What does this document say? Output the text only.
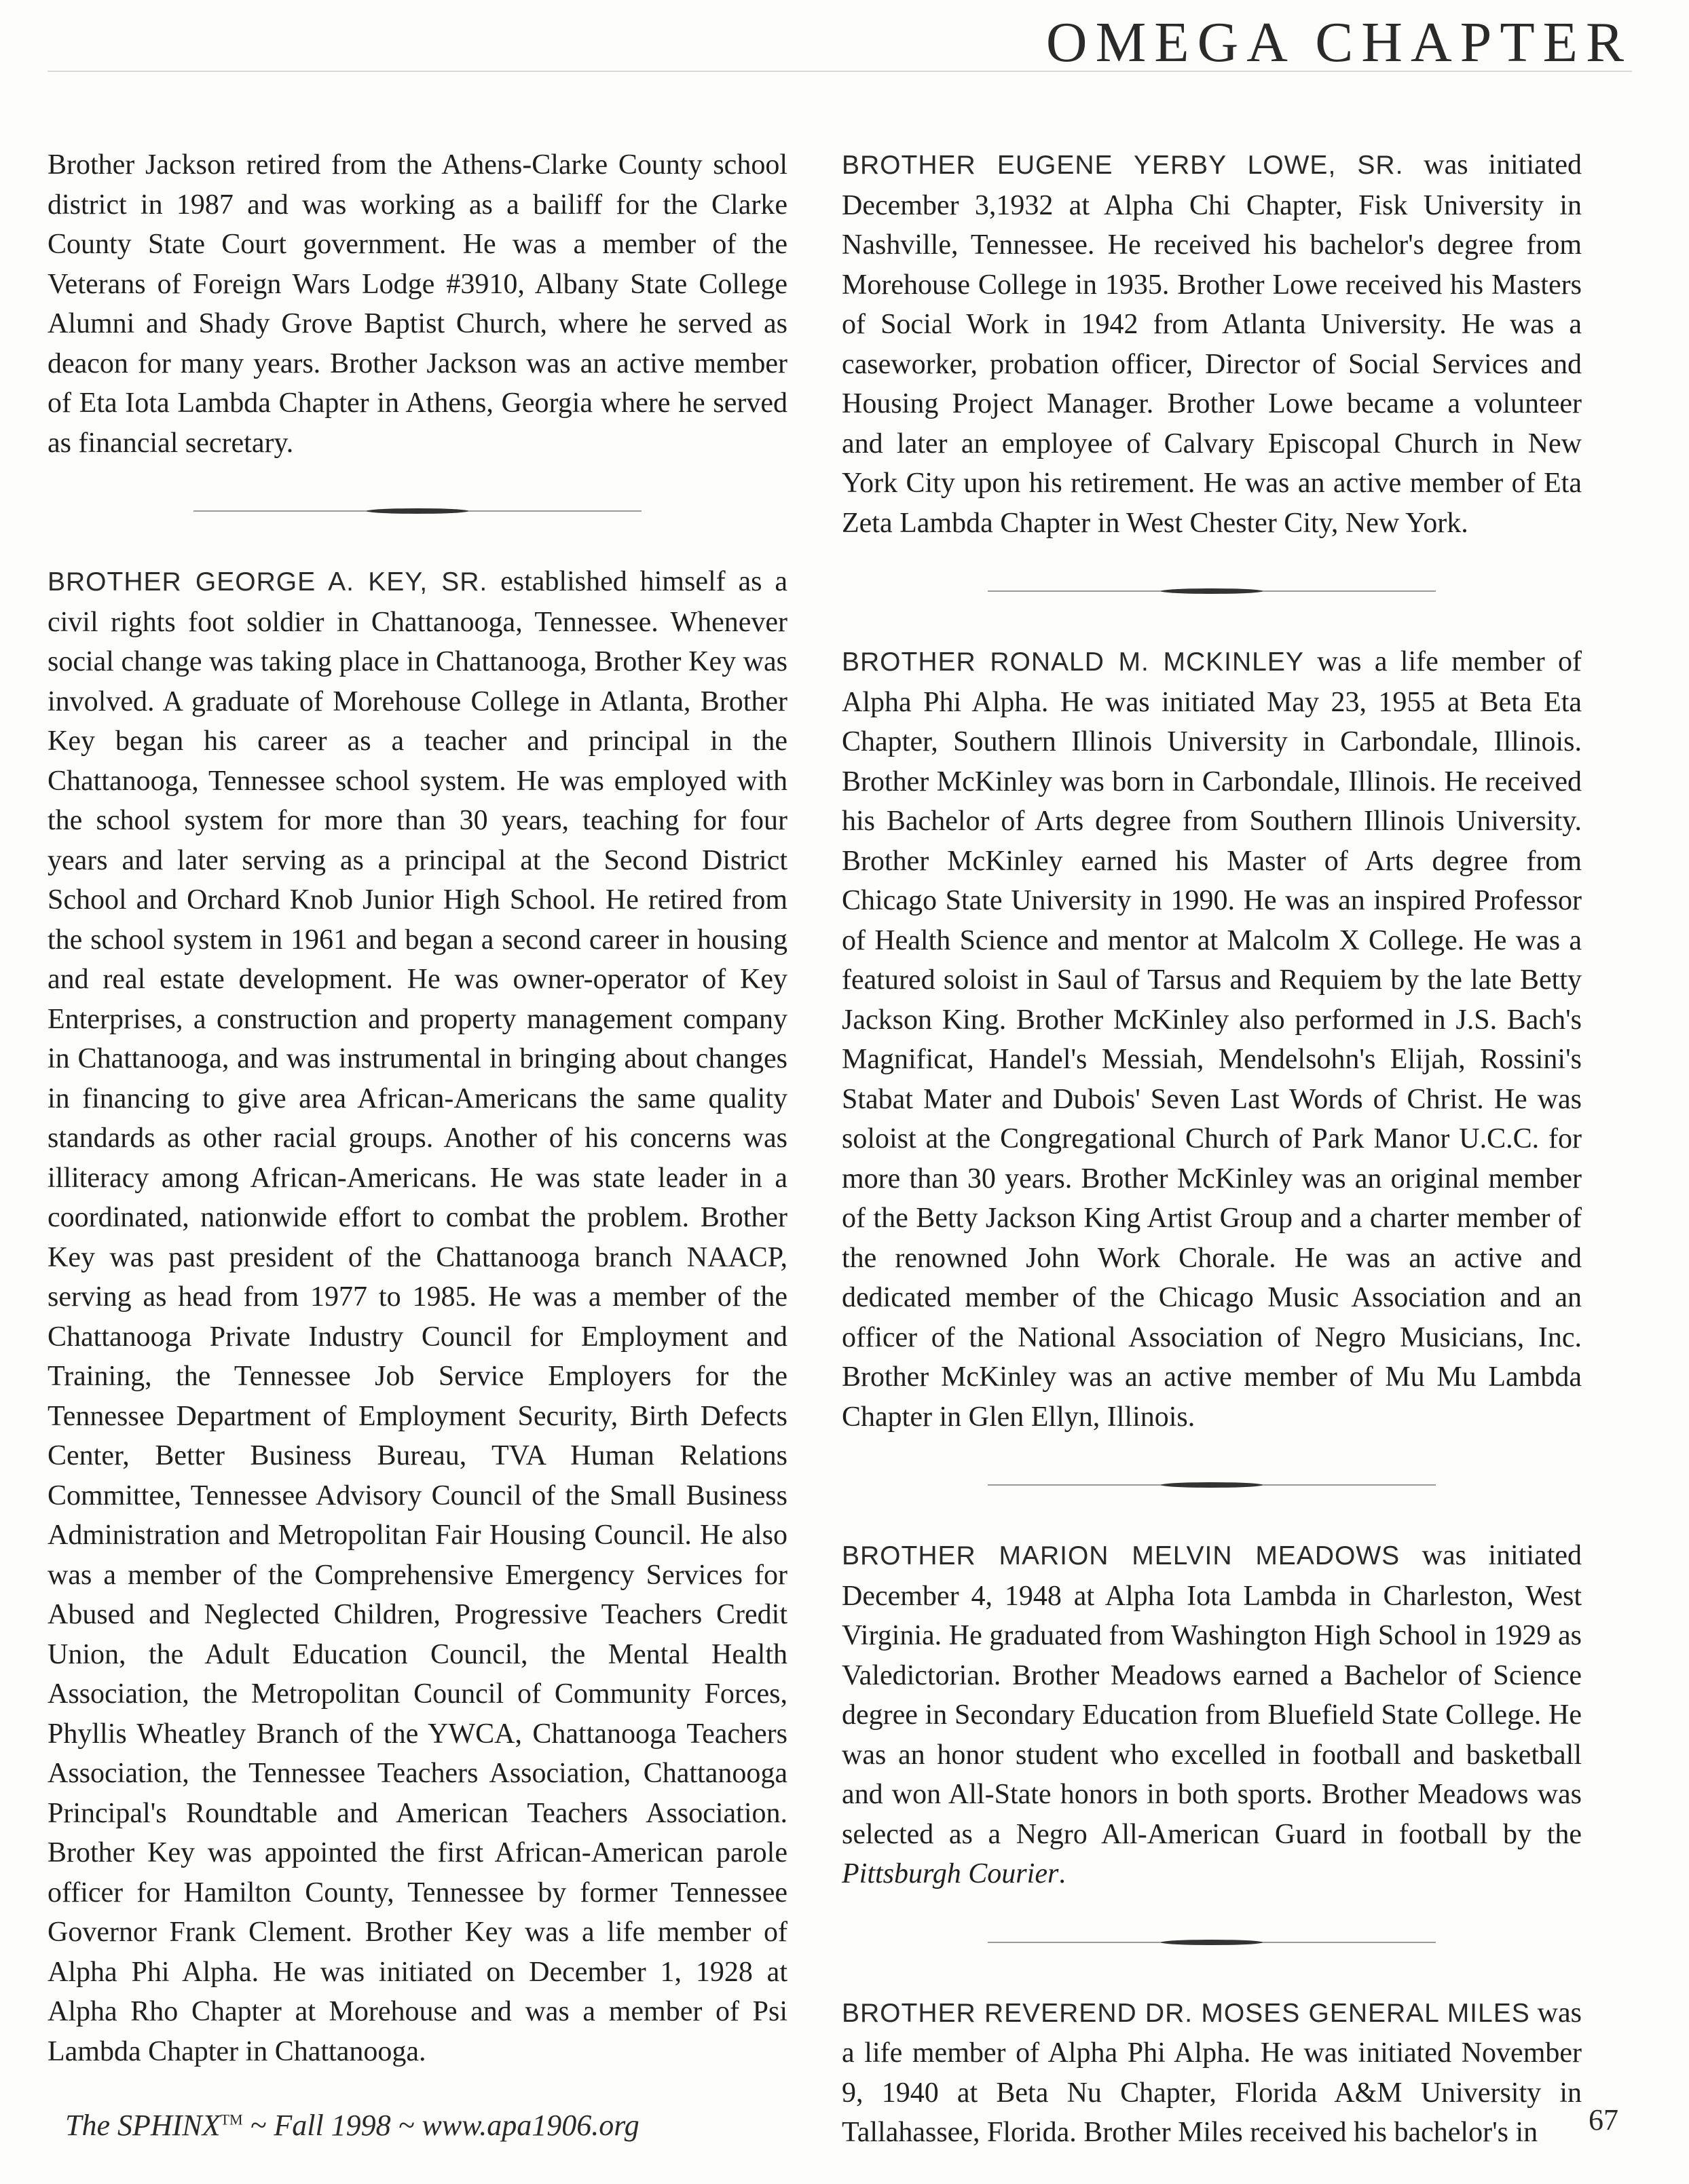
OMEGA CHAPTER

Brother Jackson retired from the Athens-Clarke County school district in 1987 and was working as a bailiff for the Clarke County State Court government. He was a member of the Veterans of Foreign Wars Lodge #3910, Albany State College Alumni and Shady Grove Baptist Church, where he served as deacon for many years. Brother Jackson was an active member of Eta Iota Lambda Chapter in Athens, Georgia where he served as financial secretary.

BROTHER GEORGE A. KEY, SR. established himself as a civil rights foot soldier in Chattanooga, Tennessee. Whenever social change was taking place in Chattanooga, Brother Key was involved. A graduate of Morehouse College in Atlanta, Brother Key began his career as a teacher and principal in the Chattanooga, Tennessee school system. He was employed with the school system for more than 30 years, teaching for four years and later serving as a principal at the Second District School and Orchard Knob Junior High School. He retired from the school system in 1961 and began a second career in housing and real estate development. He was owner-operator of Key Enterprises, a construction and property management company in Chattanooga, and was instrumental in bringing about changes in financing to give area African-Americans the same quality standards as other racial groups. Another of his concerns was illiteracy among African-Americans. He was state leader in a coordinated, nationwide effort to combat the problem. Brother Key was past president of the Chattanooga branch NAACP, serving as head from 1977 to 1985. He was a member of the Chattanooga Private Industry Council for Employment and Training, the Tennessee Job Service Employers for the Tennessee Department of Employment Security, Birth Defects Center, Better Business Bureau, TVA Human Relations Committee, Tennessee Advisory Council of the Small Business Administration and Metropolitan Fair Housing Council. He also was a member of the Comprehensive Emergency Services for Abused and Neglected Children, Progressive Teachers Credit Union, the Adult Education Council, the Mental Health Association, the Metropolitan Council of Community Forces, Phyllis Wheatley Branch of the YWCA, Chattanooga Teachers Association, the Tennessee Teachers Association, Chattanooga Principal's Roundtable and American Teachers Association. Brother Key was appointed the first African-American parole officer for Hamilton County, Tennessee by former Tennessee Governor Frank Clement. Brother Key was a life member of Alpha Phi Alpha. He was initiated on December 1, 1928 at Alpha Rho Chapter at Morehouse and was a member of Psi Lambda Chapter in Chattanooga.

BROTHER EUGENE YERBY LOWE, SR. was initiated December 3,1932 at Alpha Chi Chapter, Fisk University in Nashville, Tennessee. He received his bachelor's degree from Morehouse College in 1935. Brother Lowe received his Masters of Social Work in 1942 from Atlanta University. He was a caseworker, probation officer, Director of Social Services and Housing Project Manager. Brother Lowe became a volunteer and later an employee of Calvary Episcopal Church in New York City upon his retirement. He was an active member of Eta Zeta Lambda Chapter in West Chester City, New York.

BROTHER RONALD M. MCKINLEY was a life member of Alpha Phi Alpha. He was initiated May 23, 1955 at Beta Eta Chapter, Southern Illinois University in Carbondale, Illinois. Brother McKinley was born in Carbondale, Illinois. He received his Bachelor of Arts degree from Southern Illinois University. Brother McKinley earned his Master of Arts degree from Chicago State University in 1990. He was an inspired Professor of Health Science and mentor at Malcolm X College. He was a featured soloist in Saul of Tarsus and Requiem by the late Betty Jackson King. Brother McKinley also performed in J.S. Bach's Magnificat, Handel's Messiah, Mendelsohn's Elijah, Rossini's Stabat Mater and Dubois' Seven Last Words of Christ. He was soloist at the Congregational Church of Park Manor U.C.C. for more than 30 years. Brother McKinley was an original member of the Betty Jackson King Artist Group and a charter member of the renowned John Work Chorale. He was an active and dedicated member of the Chicago Music Association and an officer of the National Association of Negro Musicians, Inc. Brother McKinley was an active member of Mu Mu Lambda Chapter in Glen Ellyn, Illinois.

BROTHER MARION MELVIN MEADOWS was initiated December 4, 1948 at Alpha Iota Lambda in Charleston, West Virginia. He graduated from Washington High School in 1929 as Valedictorian. Brother Meadows earned a Bachelor of Science degree in Secondary Education from Bluefield State College. He was an honor student who excelled in football and basketball and won All-State honors in both sports. Brother Meadows was selected as a Negro All-American Guard in football by the Pittsburgh Courier.

BROTHER REVEREND DR. MOSES GENERAL MILES was a life member of Alpha Phi Alpha. He was initiated November 9, 1940 at Beta Nu Chapter, Florida A&M University in Tallahassee, Florida. Brother Miles received his bachelor's in

The SPHINX™ ~ Fall 1998 ~ www.apa1906.org	67
